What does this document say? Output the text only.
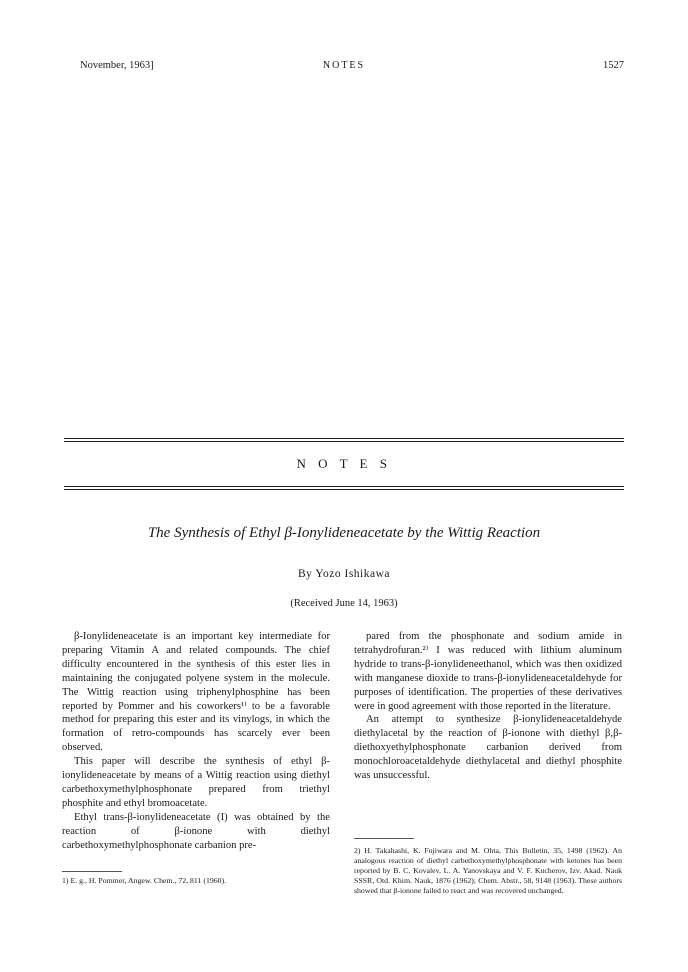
November, 1963]	NOTES	1527
N O T E S
The Synthesis of Ethyl β-Ionylideneacetate by the Wittig Reaction
By Yozo Ishikawa
(Received June 14, 1963)

β-Ionylideneacetate is an important key intermediate for preparing Vitamin A and related compounds. The chief difficulty encountered in the synthesis of this ester lies in maintaining the conjugated polyene system in the molecule. The Wittig reaction using triphenylphosphine has been reported by Pommer and his coworkers¹⁾ to be a favorable method for preparing this ester and its vinylogs, in which the formation of retro-compounds has scarcely ever been observed.

This paper will describe the synthesis of ethyl β-ionylideneacetate by means of a Wittig reaction using diethyl carbethoxymethylphosphonate prepared from triethyl phosphite and ethyl bromoacetate.

Ethyl trans-β-ionylideneacetate (I) was obtained by the reaction of β-ionone with diethyl carbethoxymethylphosphonate carbanion pre-

pared from the phosphonate and sodium amide in tetrahydrofuran.²⁾ I was reduced with lithium aluminum hydride to trans-β-ionylideneethanol, which was then oxidized with manganese dioxide to trans-β-ionylideneacetaldehyde for purposes of identification. The properties of these derivatives were in good agreement with those reported in the literature.

An attempt to synthesize β-ionylideneacetaldehyde diethylacetal by the reaction of β-ionone with diethyl β,β-diethoxyethylphosphonate carbanion derived from monochloroacetaldehyde diethylacetal and diethyl phosphite was unsuccessful.

1) E. g., H. Pommer, Angew. Chem., 72, 811 (1960).
2) H. Takahashi, K. Fujiwara and M. Ohta, This Bulletin, 35, 1498 (1962). An analogous reaction of diethyl carbethoxymethylphosphonate with ketones has been reported by B. C. Kovalev, L. A. Yanovskaya and V. F. Kucherov, Izv. Akad. Nauk SSSR, Otd. Khim. Nauk, 1876 (1962); Chem. Abstr., 58, 9148 (1963). These authors showed that β-ionone failed to react and was recovered unchanged.
